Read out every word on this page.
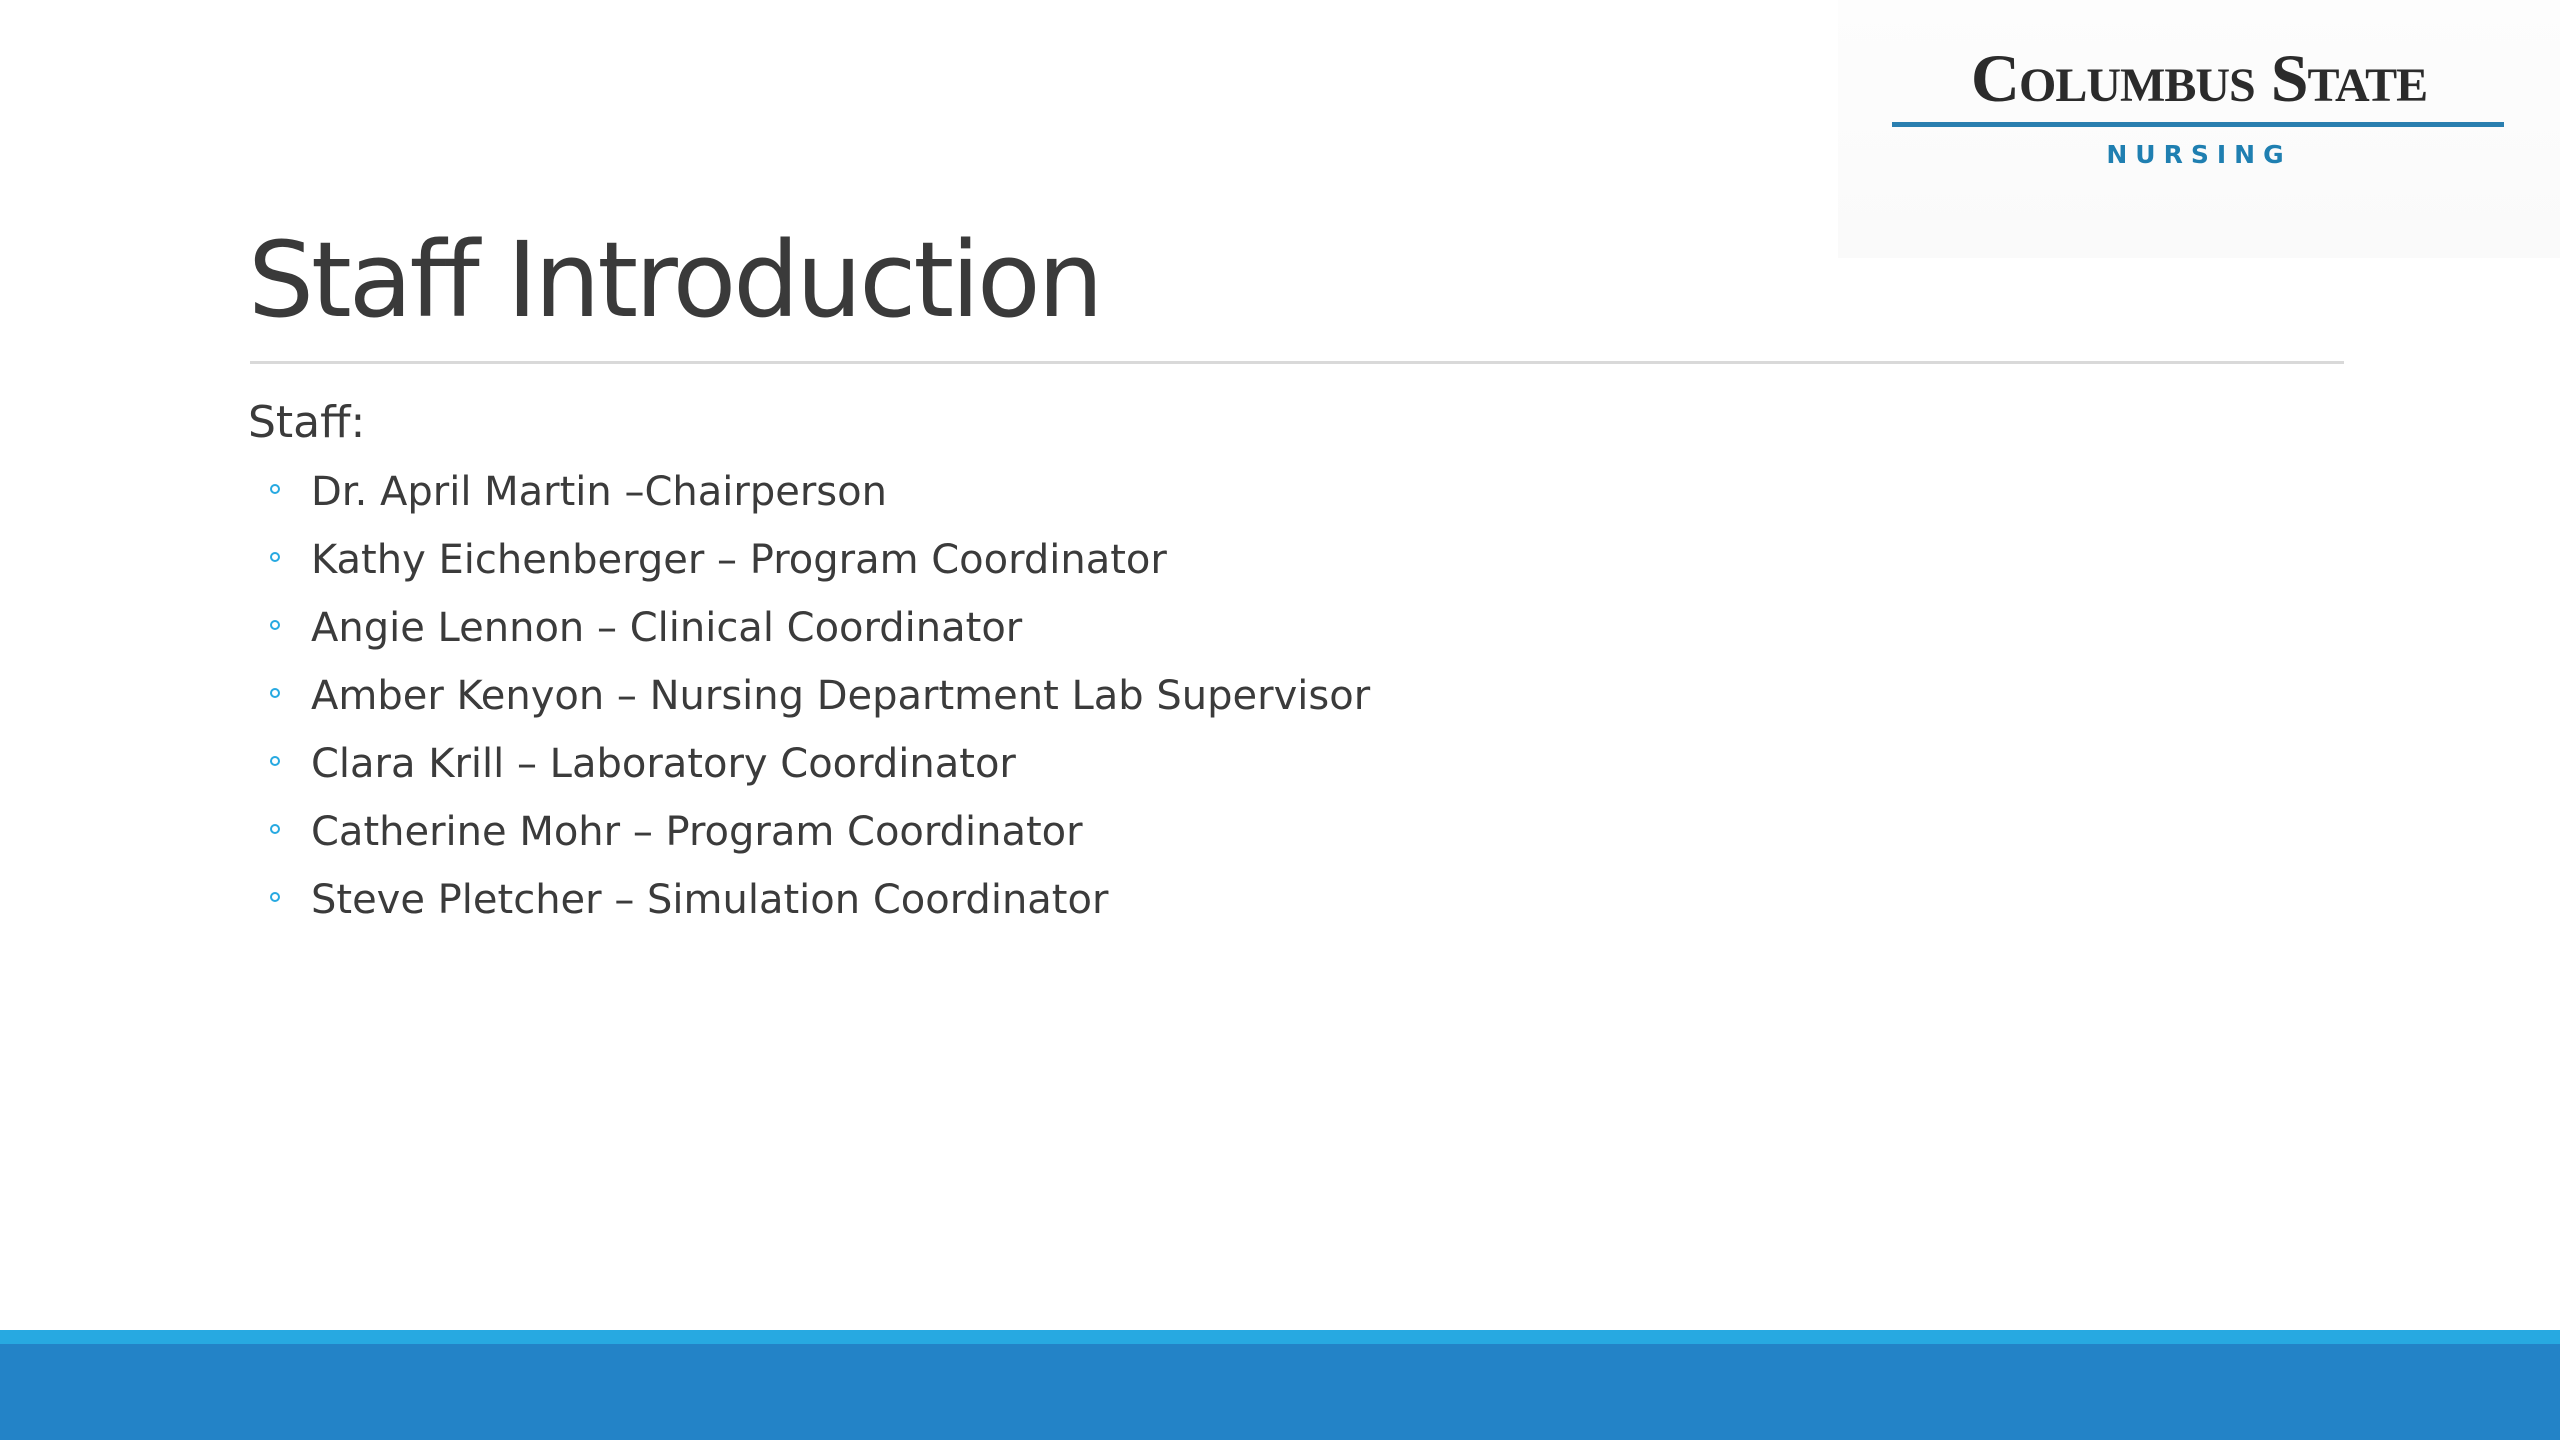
Columbus State
NURSING
Staff Introduction
Staff:
Dr. April Martin –Chairperson
Kathy Eichenberger – Program Coordinator
Angie Lennon – Clinical Coordinator
Amber Kenyon – Nursing Department Lab Supervisor
Clara Krill – Laboratory Coordinator
Catherine Mohr – Program Coordinator
Steve Pletcher – Simulation Coordinator
